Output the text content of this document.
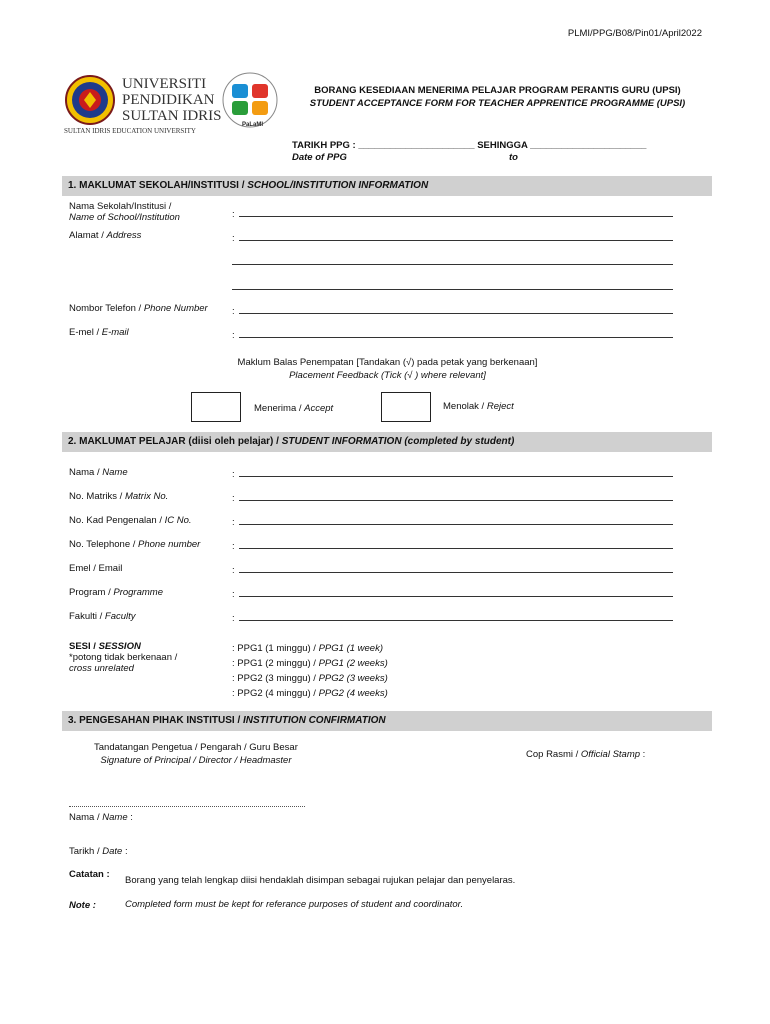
PLMI/PPG/B08/Pin01/April2022
PaLaMI
UNIVERSITI
PENDIDIKAN
SULTAN IDRIS
SULTAN IDRIS EDUCATION UNIVERSITY
BORANG KESEDIAAN MENERIMA PELAJAR PROGRAM PERANTIS GURU (UPSI)
STUDENT ACCEPTANCE FORM FOR TEACHER APPRENTICE PROGRAMME (UPSI)
TARIKH PPG : ______________________ SEHINGGA ______________________
Date of PPG	to
1. MAKLUMAT SEKOLAH/INSTITUSI / SCHOOL/INSTITUTION INFORMATION
Nama Sekolah/Institusi /
Name of School/Institution	:
Alamat / Address	:
Nombor Telefon / Phone Number	:
E-mel / E-mail	:
Maklum Balas Penempatan [Tandakan (√) pada petak yang berkenaan]
Placement Feedback (Tick (√ ) where relevant]
Menerima / Accept	Menolak / Reject
2. MAKLUMAT PELAJAR (diisi oleh pelajar) / STUDENT INFORMATION (completed by student)
Nama / Name	:
No. Matriks / Matrix No.	:
No. Kad Pengenalan / IC No.	:
No. Telephone / Phone number	:
Emel / Email	:
Program / Programme	:
Fakulti / Faculty	:
SESI / SESSION
*potong tidak berkenaan /
cross unrelated
: PPG1 (1 minggu) / PPG1 (1 week)
: PPG1 (2 minggu) / PPG1 (2 weeks)
: PPG2 (3 minggu) / PPG2 (3 weeks)
: PPG2 (4 minggu) / PPG2 (4 weeks)
3. PENGESAHAN PIHAK INSTITUSI / INSTITUTION CONFIRMATION
Tandatangan Pengetua / Pengarah / Guru Besar
Signature of Principal / Director / Headmaster
Cop Rasmi / Official Stamp :
Nama / Name :
Tarikh / Date :
Catatan :
Borang yang telah lengkap diisi hendaklah disimpan sebagai rujukan pelajar dan penyelaras.
Note :	Completed form must be kept for referance purposes of student and coordinator.
